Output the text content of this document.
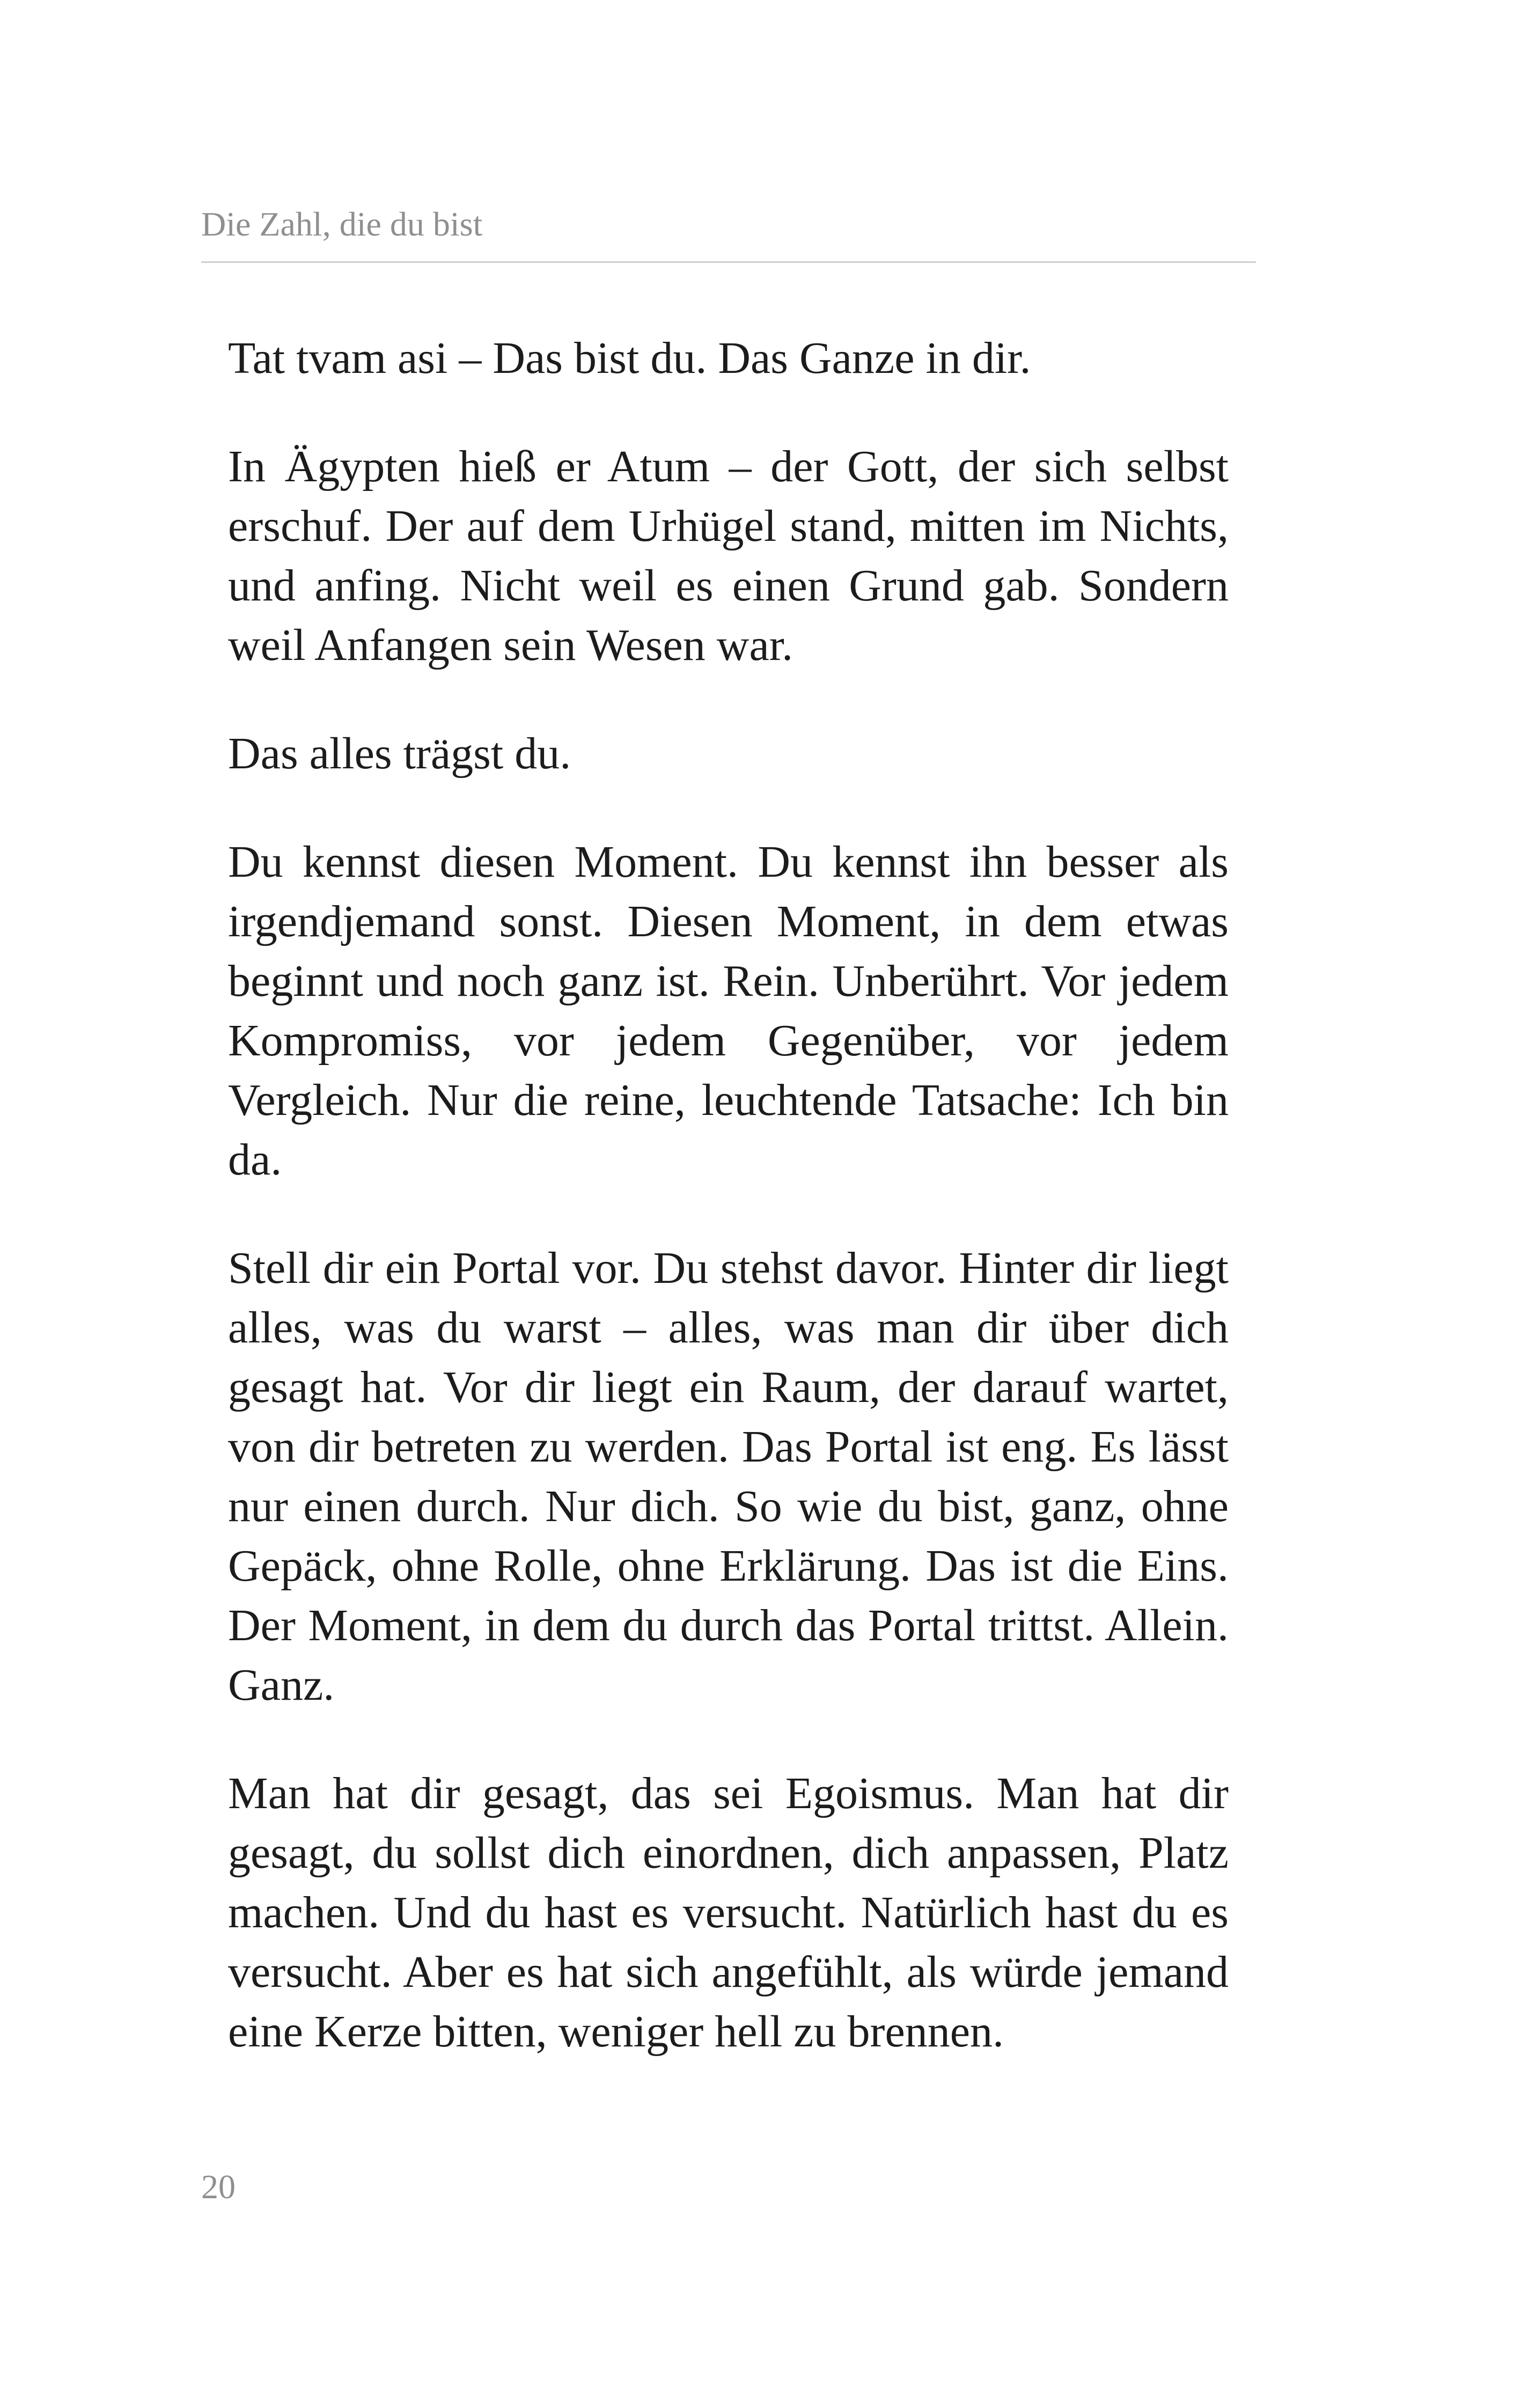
Die Zahl, die du bist

Tat tvam asi – Das bist du. Das Ganze in dir.

In Ägypten hieß er Atum – der Gott, der sich selbst erschuf. Der auf dem Urhügel stand, mitten im Nichts, und anfing. Nicht weil es einen Grund gab. Sondern weil Anfangen sein Wesen war.

Das alles trägst du.

Du kennst diesen Moment. Du kennst ihn besser als irgendjemand sonst. Diesen Moment, in dem etwas beginnt und noch ganz ist. Rein. Unberührt. Vor jedem Kompromiss, vor jedem Gegenüber, vor jedem Vergleich. Nur die reine, leuchtende Tatsache: Ich bin da.

Stell dir ein Portal vor. Du stehst davor. Hinter dir liegt alles, was du warst – alles, was man dir über dich gesagt hat. Vor dir liegt ein Raum, der darauf wartet, von dir betreten zu werden. Das Portal ist eng. Es lässt nur einen durch. Nur dich. So wie du bist, ganz, ohne Gepäck, ohne Rolle, ohne Erklärung. Das ist die Eins. Der Moment, in dem du durch das Portal trittst. Allein. Ganz.

Man hat dir gesagt, das sei Egoismus. Man hat dir gesagt, du sollst dich einordnen, dich anpassen, Platz machen. Und du hast es versucht. Natürlich hast du es versucht. Aber es hat sich angefühlt, als würde jemand eine Kerze bitten, weniger hell zu brennen.

20
